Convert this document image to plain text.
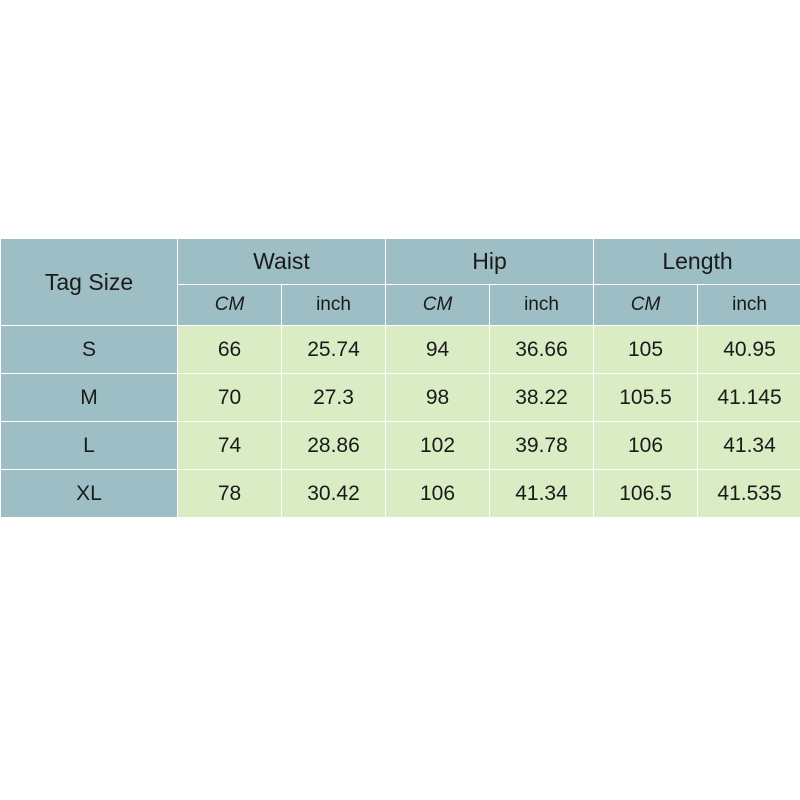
Tag Size	Waist		Hip		Length	
	CM	inch	CM	inch	CM	inch
S	66	25.74	94	36.66	105	40.95
M	70	27.3	98	38.22	105.5	41.145
L	74	28.86	102	39.78	106	41.34
XL	78	30.42	106	41.34	106.5	41.535
